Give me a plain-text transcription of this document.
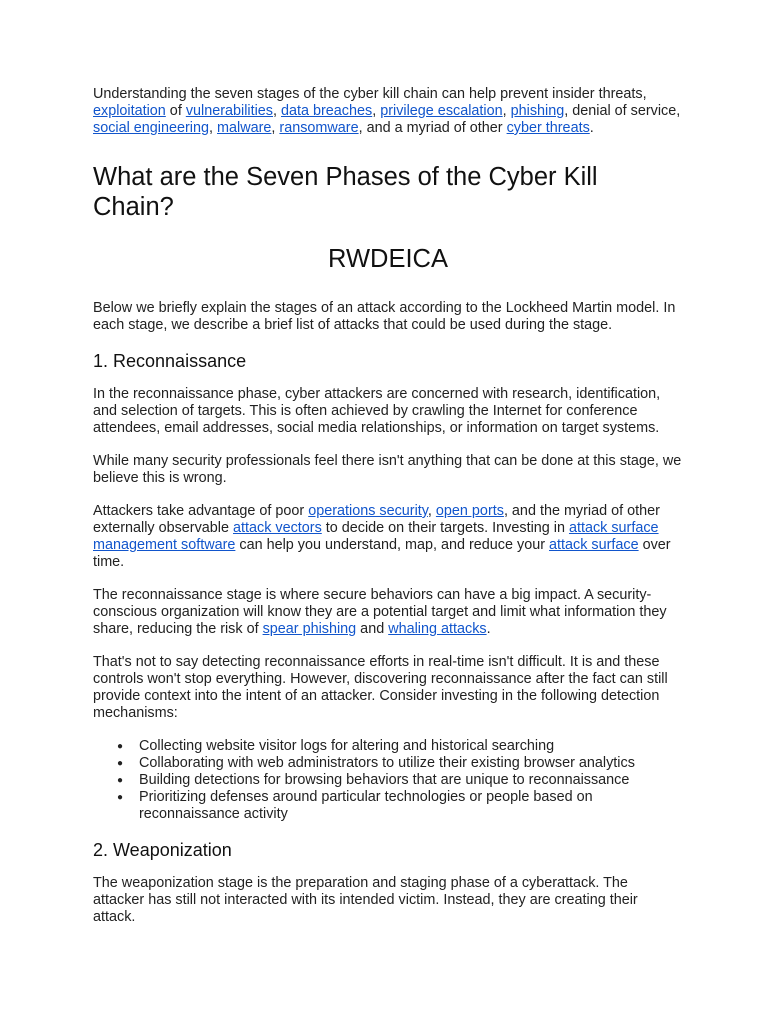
Understanding the seven stages of the cyber kill chain can help prevent insider threats, exploitation of vulnerabilities, data breaches, privilege escalation, phishing, denial of service, social engineering, malware, ransomware, and a myriad of other cyber threats.

What are the Seven Phases of the Cyber Kill Chain?
RWDEICA

Below we briefly explain the stages of an attack according to the Lockheed Martin model. In each stage, we describe a brief list of attacks that could be used during the stage.

1. Reconnaissance

In the reconnaissance phase, cyber attackers are concerned with research, identification, and selection of targets. This is often achieved by crawling the Internet for conference attendees, email addresses, social media relationships, or information on target systems.

While many security professionals feel there isn't anything that can be done at this stage, we believe this is wrong.

Attackers take advantage of poor operations security, open ports, and the myriad of other externally observable attack vectors to decide on their targets. Investing in attack surface management software can help you understand, map, and reduce your attack surface over time.

The reconnaissance stage is where secure behaviors can have a big impact. A security-conscious organization will know they are a potential target and limit what information they share, reducing the risk of spear phishing and whaling attacks.

That's not to say detecting reconnaissance efforts in real-time isn't difficult. It is and these controls won't stop everything. However, discovering reconnaissance after the fact can still provide context into the intent of an attacker. Consider investing in the following detection mechanisms:

● Collecting website visitor logs for altering and historical searching
● Collaborating with web administrators to utilize their existing browser analytics
● Building detections for browsing behaviors that are unique to reconnaissance
● Prioritizing defenses around particular technologies or people based on reconnaissance activity
2. Weaponization

The weaponization stage is the preparation and staging phase of a cyberattack. The attacker has still not interacted with its intended victim. Instead, they are creating their attack.
